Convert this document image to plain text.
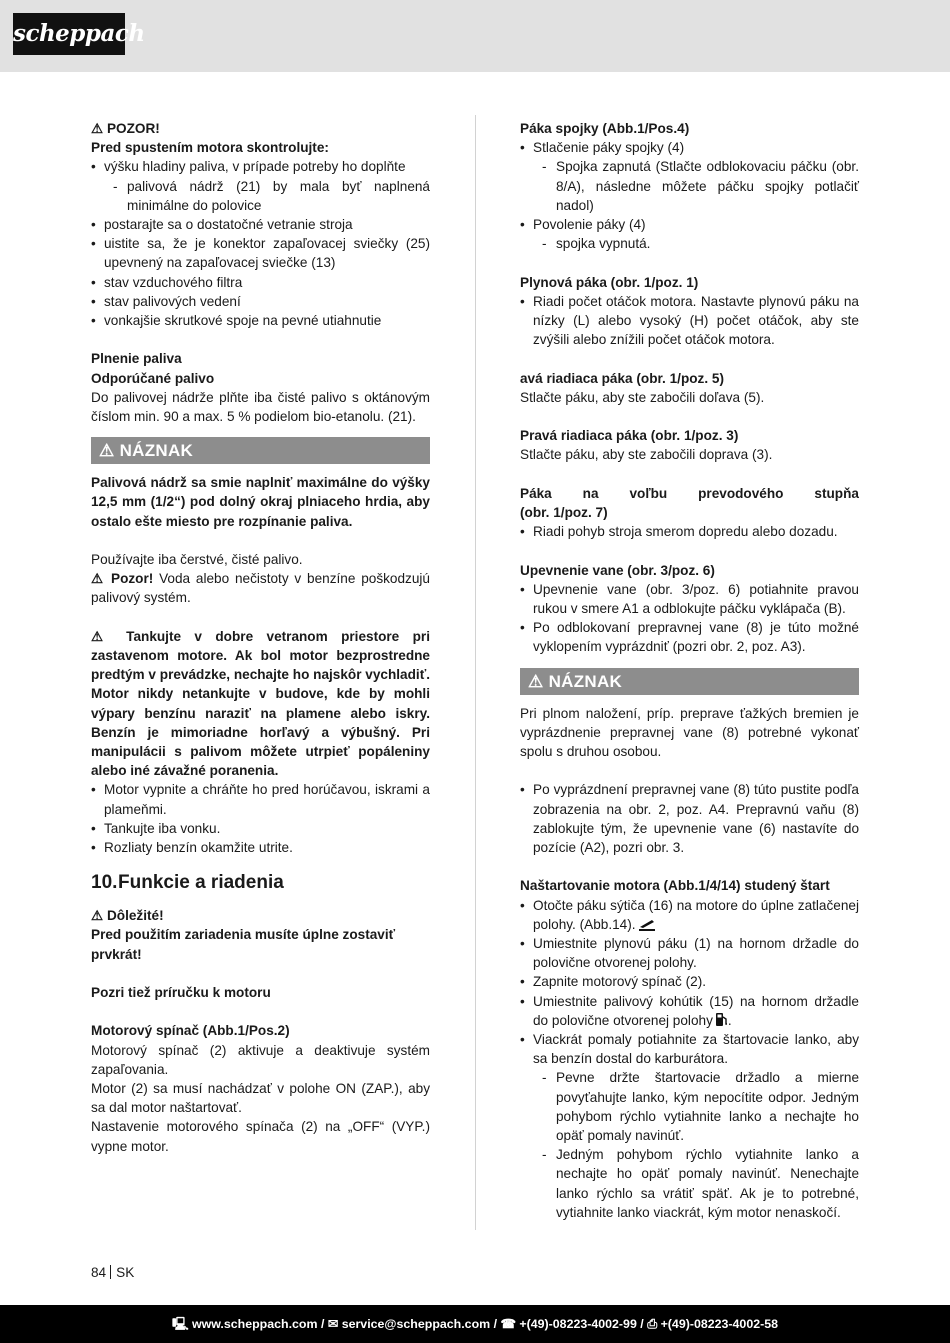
scheppach

⚠ POZOR!

Pred spustením motora skontrolujte:

• výšku hladiny paliva, v prípade potreby ho doplňte
- palivová nádrž (21) by mala byť naplnená minimálne do polovice
• postarajte sa o dostatočné vetranie stroja
• uistite sa, že je konektor zapaľovacej sviečky (25) upevnený na zapaľovacej sviečke (13)
• stav vzduchového filtra
• stav palivových vedení
• vonkajšie skrutkové spoje na pevné utiahnutie

Plnenie paliva

Odporúčané palivo

Do palivovej nádrže plňte iba čisté palivo s oktánovým číslom min. 90 a max. 5 % podielom bio-etanolu. (21).

⚠ NÁZNAK

Palivová nádrž sa smie naplniť maximálne do výšky 12,5 mm (1/2“) pod dolný okraj plniaceho hrdia, aby ostalo ešte miesto pre rozpínanie paliva.

Používajte iba čerstvé, čisté palivo.

⚠ Pozor! Voda alebo nečistoty v benzíne poškodzujú palivový systém.

⚠ Tankujte v dobre vetranom priestore pri zastavenom motore. Ak bol motor bezprostredne predtým v prevádzke, nechajte ho najskôr vychladiť. Motor nikdy netankujte v budove, kde by mohli výpary benzínu naraziť na plamene alebo iskry. Benzín je mimoriadne horľavý a výbušný. Pri manipulácii s palivom môžete utrpieť popáleniny alebo iné závažné poranenia.

• Motor vypnite a chráňte ho pred horúčavou, iskrami a plameňmi.
• Tankujte iba vonku.
• Rozliaty benzín okamžite utrite.
10.Funkcie a riadenia

⚠ Dôležité!

Pred použitím zariadenia musíte úplne zostaviť prvkrát!

Pozri tiež príručku k motoru

Motorový spínač (Abb.1/Pos.2)

Motorový spínač (2) aktivuje a deaktivuje systém zapaľovania.

Motor (2) sa musí nachádzať v polohe ON (ZAP.), aby sa dal motor naštartovať.

Nastavenie motorového spínača (2) na „OFF“ (VYP.) vypne motor.

Páka spojky (Abb.1/Pos.4)

• Stlačenie páky spojky (4)
- Spojka zapnutá (Stlačte odblokovaciu páčku (obr. 8/A), následne môžete páčku spojky potlačiť nadol)
• Povolenie páky (4)
- spojka vypnutá.

Plynová páka (obr. 1/poz. 1)

• Riadi počet otáčok motora. Nastavte plynovú páku na nízky (L) alebo vysoký (H) počet otáčok, aby ste zvýšili alebo znížili počet otáčok motora.

avá riadiaca páka (obr. 1/poz. 5)

Stlačte páku, aby ste zabočili doľava (5).

Pravá riadiaca páka (obr. 1/poz. 3)

Stlačte páku, aby ste zabočili doprava (3).

Páka na voľbu prevodového stupňa

(obr. 1/poz. 7)

• Riadi pohyb stroja smerom dopredu alebo dozadu.

Upevnenie vane (obr. 3/poz. 6)

• Upevnenie vane (obr. 3/poz. 6) potiahnite pravou rukou v smere A1 a odblokujte páčku vyklápača (B).
• Po odblokovaní prepravnej vane (8) je túto možné vyklopením vyprázdniť (pozri obr. 2, poz. A3).
⚠ NÁZNAK

Pri plnom naložení, príp. preprave ťažkých bremien je vyprázdnenie prepravnej vane (8) potrebné vykonať spolu s druhou osobou.

• Po vyprázdnení prepravnej vane (8) túto pustite podľa zobrazenia na obr. 2, poz. A4. Prepravnú vaňu (8) zablokujte tým, že upevnenie vane (6) nastavíte do pozície (A2), pozri obr. 3.

Naštartovanie motora (Abb.1/4/14) studený štart

• Otočte páku sýtiča (16) na motore do úplne zatlačenej polohy. (Abb.14).
• Umiestnite plynovú páku (1) na hornom držadle do polovične otvorenej polohy.
• Zapnite motorový spínač (2).
• Umiestnite palivový kohútik (15) na hornom držadle do polovične otvorenej polohy .
• Viackrát pomaly potiahnite za štartovacie lanko, aby sa benzín dostal do karburátora.
- Pevne držte štartovacie držadlo a mierne povyťahujte lanko, kým nepocítite odpor. Jedným pohybom rýchlo vytiahnite lanko a nechajte ho opäť pomaly navinúť.
- Jedným pohybom rýchlo vytiahnite lanko a nechajte ho opäť pomaly navinúť. Nenechajte lanko rýchlo sa vrátiť späť. Ak je to potrebné, vytiahnite lanko viackrát, kým motor nenaskočí.
84 SK
🖳 www.scheppach.com / ✉ service@scheppach.com / ☎ +(49)-08223-4002-99 / ⎙ +(49)-08223-4002-58
